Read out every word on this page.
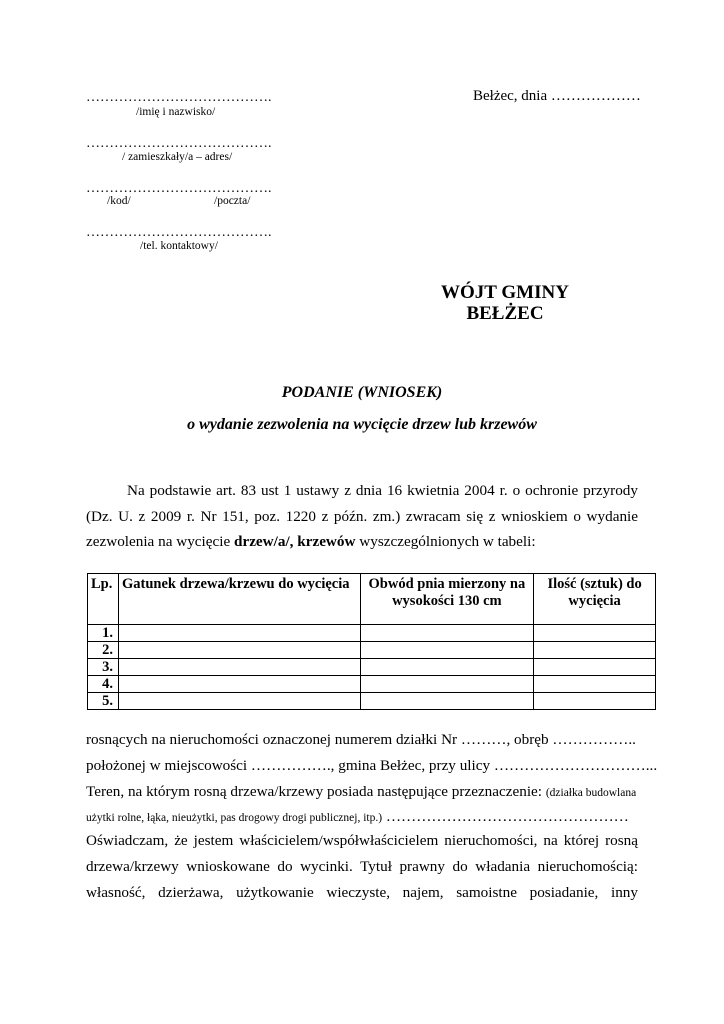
………………………………….
/imię i nazwisko/
………………………………….
/ zamieszkały/a – adres/
………………………………….
/kod/	/poczta/
………………………………….
/tel. kontaktowy/
Bełżec, dnia ………………
WÓJT GMINY
BEŁŻEC
PODANIE (WNIOSEK)
o wydanie zezwolenia na wycięcie drzew lub krzewów
Na podstawie art. 83 ust 1 ustawy z dnia 16 kwietnia 2004 r. o ochronie przyrody
(Dz. U. z 2009 r. Nr 151, poz. 1220 z późn. zm.) zwracam się z wnioskiem o wydanie
zezwolenia na wycięcie drzew/a/, krzewów wyszczególnionych w tabeli:
Lp.	Gatunek drzewa/krzewu do wycięcia	Obwód pnia mierzony na wysokości 130 cm	Ilość (sztuk) do wycięcia
1.			
2.			
3.			
4.			
5.			
rosnących na nieruchomości oznaczonej numerem działki Nr ………, obręb ……………..
położonej w miejscowości ……………., gmina Bełżec, przy ulicy …………………………...
Teren, na którym rosną drzewa/krzewy posiada następujące przeznaczenie: (działka budowlana
użytki rolne, łąka, nieużytki, pas drogowy drogi publicznej, itp.) …………………………………………
Oświadczam, że jestem właścicielem/współwłaścicielem nieruchomości, na której rosną
drzewa/krzewy wnioskowane do wycinki. Tytuł prawny do władania nieruchomością:
własność, dzierżawa, użytkowanie wieczyste, najem, samoistne posiadanie, inny
